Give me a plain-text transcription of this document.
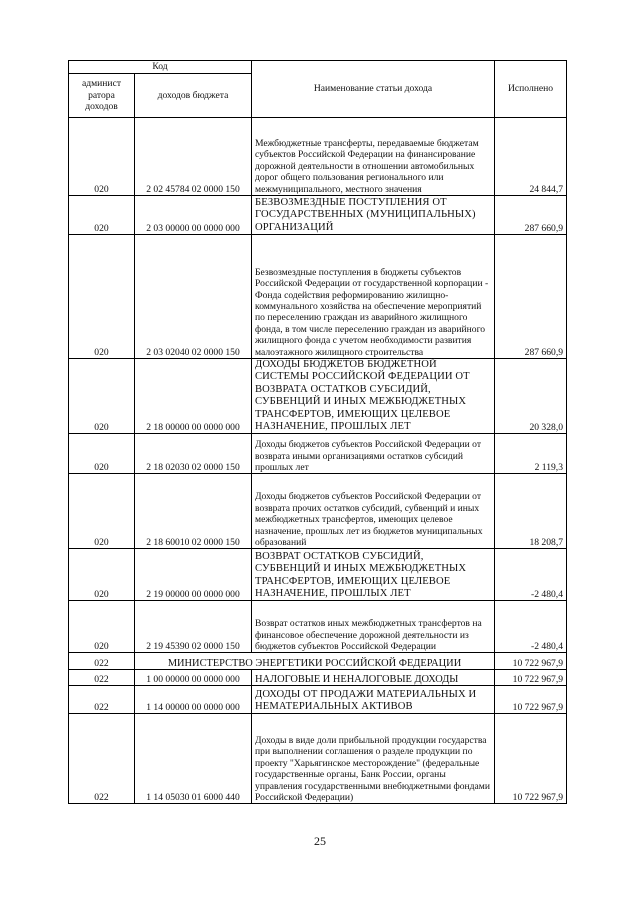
Код		Наименование статьи дохода	Исполнено
админист ратора доходов	доходов бюджета		
020	2 02 45784 02 0000 150	Межбюджетные трансферты, передаваемые бюджетам субъектов Российской Федерации на финансирование дорожной деятельности в отношении автомобильных дорог общего пользования регионального или межмуниципального, местного значения	24 844,7
020	2 03 00000 00 0000 000	БЕЗВОЗМЕЗДНЫЕ ПОСТУПЛЕНИЯ ОТ ГОСУДАРСТВЕННЫХ (МУНИЦИПАЛЬНЫХ) ОРГАНИЗАЦИЙ	287 660,9
020	2 03 02040 02 0000 150	Безвозмездные поступления в бюджеты субъектов Российской Федерации от государственной корпорации - Фонда содействия реформированию жилищно-коммунального хозяйства на обеспечение мероприятий по переселению граждан из аварийного жилищного фонда, в том числе переселению граждан из аварийного жилищного фонда с учетом необходимости развития малоэтажного жилищного строительства	287 660,9
020	2 18 00000 00 0000 000	ДОХОДЫ БЮДЖЕТОВ БЮДЖЕТНОЙ СИСТЕМЫ РОССИЙСКОЙ ФЕДЕРАЦИИ ОТ ВОЗВРАТА ОСТАТКОВ СУБСИДИЙ, СУБВЕНЦИЙ И ИНЫХ МЕЖБЮДЖЕТНЫХ ТРАНСФЕРТОВ, ИМЕЮЩИХ ЦЕЛЕВОЕ НАЗНАЧЕНИЕ, ПРОШЛЫХ ЛЕТ	20 328,0
020	2 18 02030 02 0000 150	Доходы бюджетов субъектов Российской Федерации от возврата иными организациями остатков субсидий прошлых лет	2 119,3
020	2 18 60010 02 0000 150	Доходы бюджетов субъектов Российской Федерации от возврата прочих остатков субсидий, субвенций и иных межбюджетных трансфертов, имеющих целевое назначение, прошлых лет из бюджетов муниципальных образований	18 208,7
020	2 19 00000 00 0000 000	ВОЗВРАТ ОСТАТКОВ СУБСИДИЙ, СУБВЕНЦИЙ И ИНЫХ МЕЖБЮДЖЕТНЫХ ТРАНСФЕРТОВ, ИМЕЮЩИХ ЦЕЛЕВОЕ НАЗНАЧЕНИЕ, ПРОШЛЫХ ЛЕТ	-2 480,4
020	2 19 45390 02 0000 150	Возврат остатков иных межбюджетных трансфертов на финансовое обеспечение дорожной деятельности из бюджетов субъектов Российской Федерации	-2 480,4
022	МИНИСТЕРСТВО ЭНЕРГЕТИКИ РОССИЙСКОЙ ФЕДЕРАЦИИ		10 722 967,9
022	1 00 00000 00 0000 000	НАЛОГОВЫЕ И НЕНАЛОГОВЫЕ ДОХОДЫ	10 722 967,9
022	1 14 00000 00 0000 000	ДОХОДЫ ОТ ПРОДАЖИ МАТЕРИАЛЬНЫХ И НЕМАТЕРИАЛЬНЫХ АКТИВОВ	10 722 967,9
022	1 14 05030 01 6000 440	Доходы в виде доли прибыльной продукции государства при выполнении соглашения о разделе продукции по проекту "Харьягинское месторождение" (федеральные государственные органы, Банк России, органы управления государственными внебюджетными фондами Российской Федерации)	10 722 967,9
25
